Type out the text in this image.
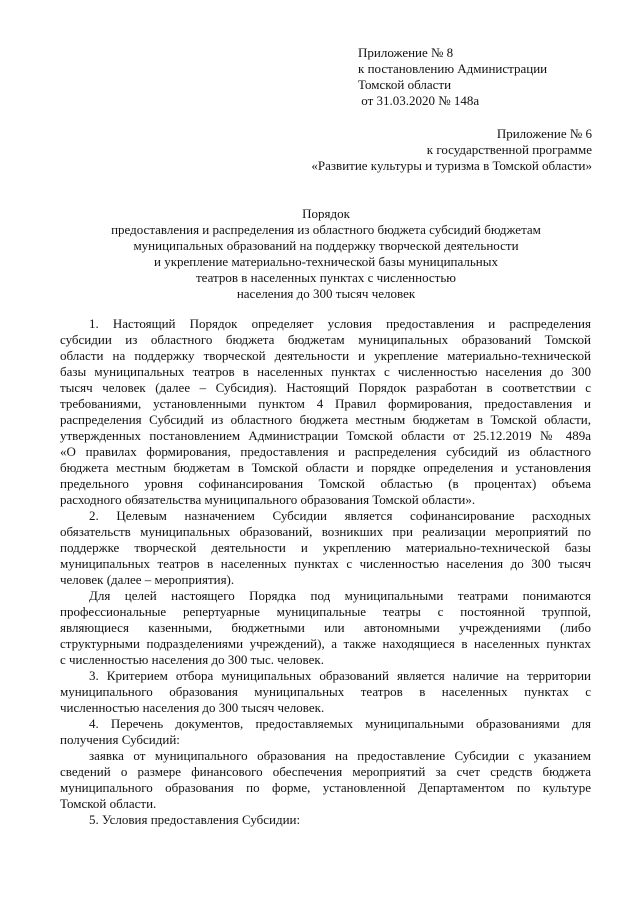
Приложение № 8
к постановлению Администрации
Томской области
от 31.03.2020 № 148а
Приложение № 6
к государственной программе
«Развитие культуры и туризма в Томской области»
Порядок
предоставления и распределения из областного бюджета субсидий бюджетам
муниципальных образований на поддержку творческой деятельности
и укрепление материально-технической базы муниципальных
театров в населенных пунктах с численностью
населения до 300 тысяч человек
1. Настоящий Порядок определяет условия предоставления и распределения
субсидии из областного бюджета бюджетам муниципальных образований Томской
области на поддержку творческой деятельности и укрепление материально-технической
базы муниципальных театров в населенных пунктах с численностью населения до 300
тысяч человек (далее – Субсидия). Настоящий Порядок разработан в соответствии с
требованиями, установленными пунктом 4 Правил формирования, предоставления и
распределения Субсидий из областного бюджета местным бюджетам в Томской области,
утвержденных постановлением Администрации Томской области от 25.12.2019 № 489а
«О правилах формирования, предоставления и распределения субсидий из областного
бюджета местным бюджетам в Томской области и порядке определения и установления
предельного уровня софинансирования Томской областью (в процентах) объема
расходного обязательства муниципального образования Томской области».
2. Целевым назначением Субсидии является софинансирование расходных
обязательств муниципальных образований, возникших при реализации мероприятий по
поддержке творческой деятельности и укреплению материально-технической базы
муниципальных театров в населенных пунктах с численностью населения до 300 тысяч
человек (далее – мероприятия).
Для целей настоящего Порядка под муниципальными театрами понимаются
профессиональные репертуарные муниципальные театры с постоянной труппой,
являющиеся казенными, бюджетными или автономными учреждениями (либо
структурными подразделениями учреждений), а также находящиеся в населенных пунктах
с численностью населения до 300 тыс. человек.
3. Критерием отбора муниципальных образований является наличие на территории
муниципального образования муниципальных театров в населенных пунктах с
численностью населения до 300 тысяч человек.
4. Перечень документов, предоставляемых муниципальными образованиями для
получения Субсидий:
заявка от муниципального образования на предоставление Субсидии с указанием
сведений о размере финансового обеспечения мероприятий за счет средств бюджета
муниципального образования по форме, установленной Департаментом по культуре
Томской области.
5. Условия предоставления Субсидии:
